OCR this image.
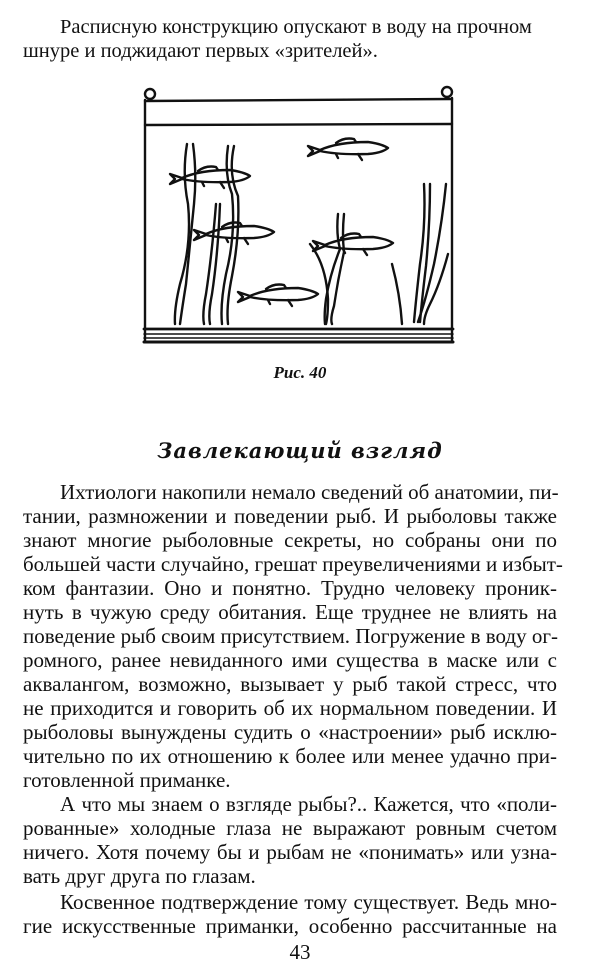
Расписную конструкцию опускают в воду на прочном
шнуре и поджидают первых «зрителей».
Рис. 40
Завлекающий взгляд
Ихтиологи накопили немало сведений об анатомии, пи-
тании, размножении и поведении рыб. И рыболовы также
знают многие рыболовные секреты, но собраны они по
большей части случайно, грешат преувеличениями и избыт-
ком фантазии. Оно и понятно. Трудно человеку проник-
нуть в чужую среду обитания. Еще труднее не влиять на
поведение рыб своим присутствием. Погружение в воду ог-
ромного, ранее невиданного ими существа в маске или с
аквалангом, возможно, вызывает у рыб такой стресс, что
не приходится и говорить об их нормальном поведении. И
рыболовы вынуждены судить о «настроении» рыб исклю-
чительно по их отношению к более или менее удачно при-
готовленной приманке.
А что мы знаем о взгляде рыбы?.. Кажется, что «поли-
рованные» холодные глаза не выражают ровным счетом
ничего. Хотя почему бы и рыбам не «понимать» или узна-
вать друг друга по глазам.
Косвенное подтверждение тому существует. Ведь мно-
гие искусственные приманки, особенно рассчитанные на
43
